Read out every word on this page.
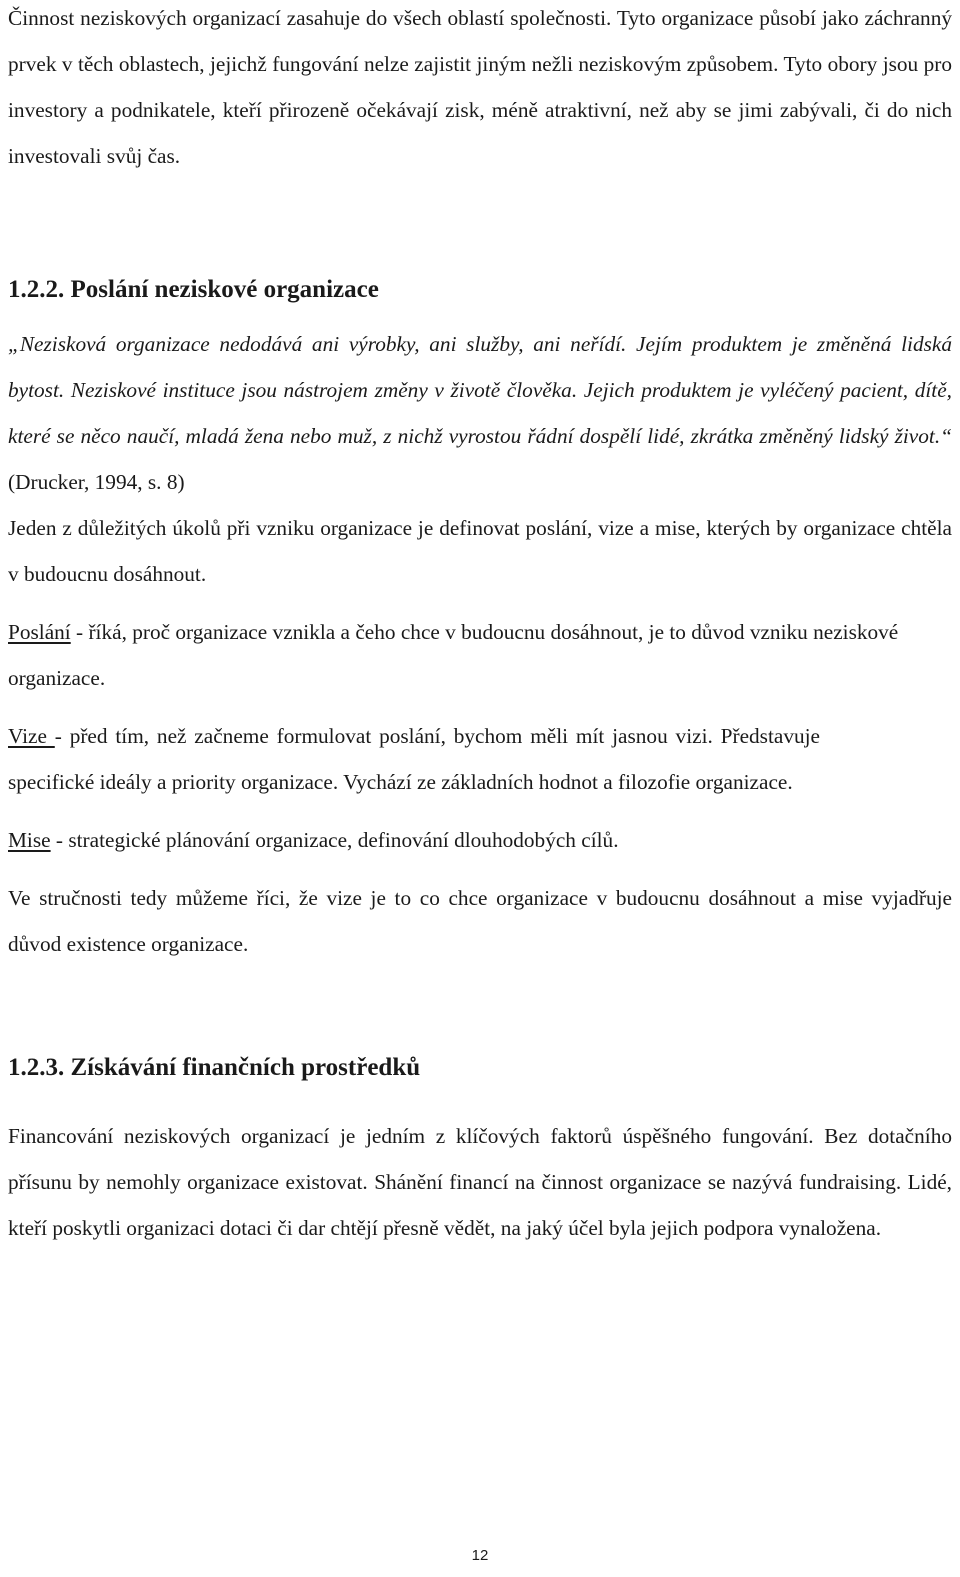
Činnost neziskových organizací zasahuje do všech oblastí společnosti. Tyto organizace působí jako záchranný prvek v těch oblastech, jejichž fungování nelze zajistit jiným nežli neziskovým způsobem. Tyto obory jsou pro investory a podnikatele, kteří přirozeně očekávají zisk, méně atraktivní, než aby se jimi zabývali, či do nich investovali svůj čas.

1.2.2. Poslání neziskové organizace

„Nezisková organizace nedodává ani výrobky, ani služby, ani neřídí. Jejím produktem je změněná lidská bytost. Neziskové instituce jsou nástrojem změny v životě člověka. Jejich produktem je vyléčený pacient, dítě, které se něco naučí, mladá žena nebo muž, z nichž vyrostou řádní dospělí lidé, zkrátka změněný lidský život.“ (Drucker, 1994, s. 8)

Jeden z důležitých úkolů při vzniku organizace je definovat poslání, vize a mise, kterých by organizace chtěla v budoucnu dosáhnout.

Poslání - říká, proč organizace vznikla a čeho chce v budoucnu dosáhnout, je to důvod vzniku neziskové organizace.

Vize - před tím, než začneme formulovat poslání, bychom měli mít jasnou vizi. Představuje specifické ideály a priority organizace. Vychází ze základních hodnot a filozofie organizace.

Mise - strategické plánování organizace, definování dlouhodobých cílů.

Ve stručnosti tedy můžeme říci, že vize je to co chce organizace v budoucnu dosáhnout a mise vyjadřuje důvod existence organizace.

1.2.3. Získávání finančních prostředků

Financování neziskových organizací je jedním z klíčových faktorů úspěšného fungování. Bez dotačního přísunu by nemohly organizace existovat. Shánění financí na činnost organizace se nazývá fundraising. Lidé, kteří poskytli organizaci dotaci či dar chtějí přesně vědět, na jaký účel byla jejich podpora vynaložena.

12
